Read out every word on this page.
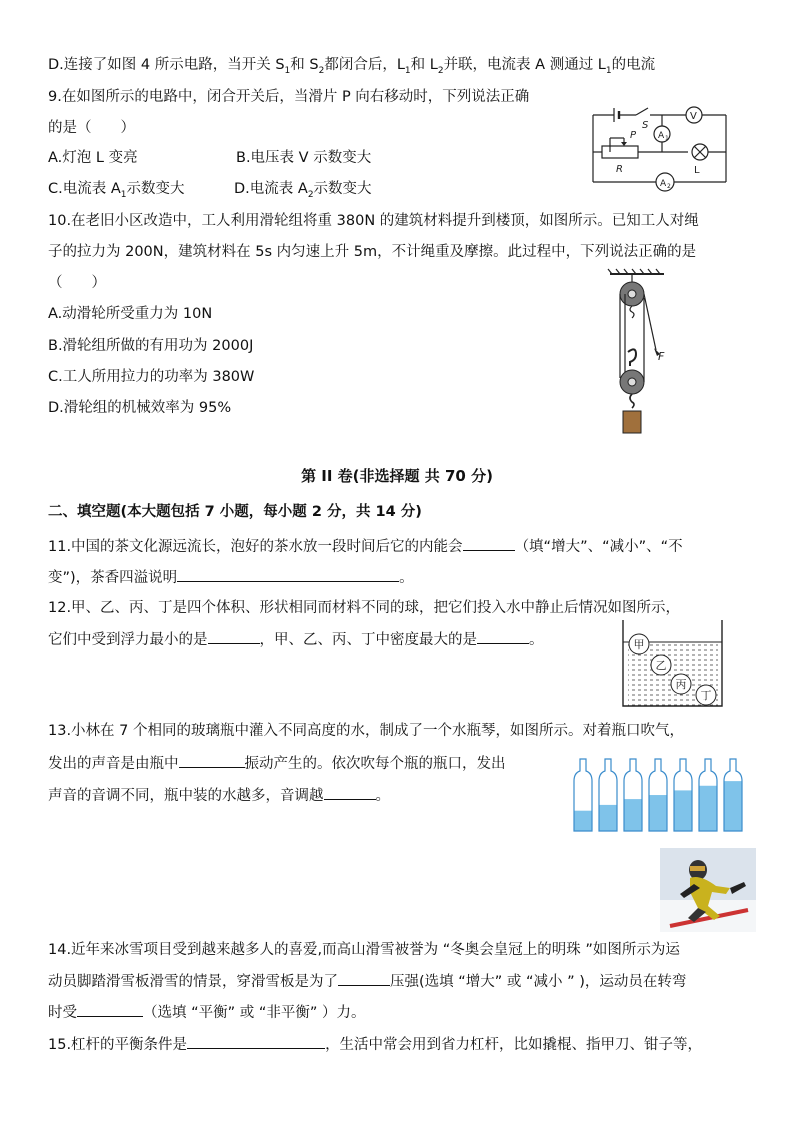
D.连接了如图 4 所示电路，当开关 $S_1$和 $S_2$都闭合后，$L_1$和 $L_2$并联，电流表 A 测通过 $L_1$的电流
9.在如图所示的电路中，闭合开关后，当滑片 P 向右移动时，下列说法正确
的是（　　）
A.灯泡 L 变亮	B.电压表 V 示数变大
C.电流表 $A_1$示数变大	D.电流表 $A_2$示数变大
S
V
A 1
P
R	L
A 2
10.在老旧小区改造中，工人利用滑轮组将重 380N 的建筑材料提升到楼顶，如图所示。已知工人对绳
子的拉力为 200N，建筑材料在 5s 内匀速上升 5m，不计绳重及摩擦。此过程中，下列说法正确的是
（　　）
A.动滑轮所受重力为 10N
B.滑轮组所做的有用功为 2000J
C.工人所用拉力的功率为 380W
D.滑轮组的机械效率为 95%
F
第 II 卷(非选择题 共 70 分)
二、填空题(本大题包括 7 小题，每小题 2 分，共 14 分)
11.中国的茶文化源远流长，泡好的茶水放一段时间后它的内能会	（填“增大”、“减小”、“不
变”)，茶香四溢说明	。
12.甲、乙、丙、丁是四个体积、形状相同而材料不同的球，把它们投入水中静止后情况如图所示，
它们中受到浮力最小的是	，甲、乙、丙、丁中密度最大的是	。	甲
乙
丙
丁
13.小林在 7 个相同的玻璃瓶中灌入不同高度的水，制成了一个水瓶琴，如图所示。对着瓶口吹气，
发出的声音是由瓶中	振动产生的。依次吹每个瓶的瓶口，发出
声音的音调不同，瓶中装的水越多，音调越	。
14.近年来冰雪项目受到越来越多人的喜爱,而高山滑雪被誉为 “冬奥会皇冠上的明珠 ”如图所示为运
动员脚踏滑雪板滑雪的情景，穿滑雪板是为了	压强(选填 “增大” 或 “减小 ” )，运动员在转弯
时受	（选填 “平衡” 或 “非平衡” ）力。
15.杠杆的平衡条件是	，生活中常会用到省力杠杆，比如撬棍、指甲刀、钳子等，
